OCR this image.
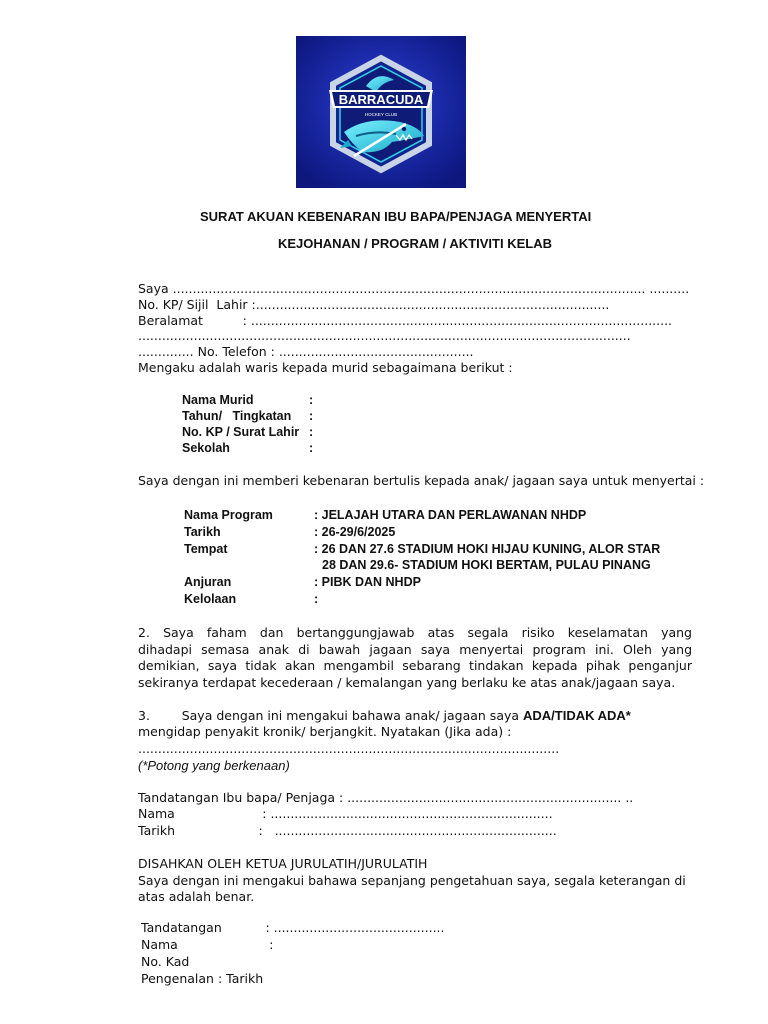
BARRACUDA
HOCKEY CLUB
SURAT AKUAN KEBENARAN IBU BAPA/PENJAGA MENYERTAI
KEJOHANAN / PROGRAM / AKTIVITI KELAB
Saya ....................................................................................................................... ..........
No. KP/ Sijil  Lahir :.........................................................................................
Beralamat          : ..........................................................................................................
............................................................................................................................
.............. No. Telefon : .................................................
Mengaku adalah waris kepada murid sebagaimana berikut :
Nama Murid	:
Tahun/   Tingkatan :
No. KP / Surat Lahir :
Sekolah	:
Saya dengan ini memberi kebenaran bertulis kepada anak/ jagaan saya untuk menyertai :
Nama Program	: JELAJAH UTARA DAN PERLAWANAN NHDP
Tarikh	: 26-29/6/2025
Tempat	: 26 DAN 27.6 STADIUM HOKI HIJAU KUNING, ALOR STAR
28 DAN 29.6- STADIUM HOKI BERTAM, PULAU PINANG
Anjuran	: PIBK DAN NHDP
Kelolaan	:
2. Saya faham dan bertanggungjawab atas segala risiko keselamatan yang
dihadapi semasa anak di bawah jagaan saya menyertai program ini. Oleh yang
demikian, saya tidak akan mengambil sebarang tindakan kepada pihak penganjur
sekiranya terdapat kecederaan / kemalangan yang berlaku ke atas anak/jagaan saya.
3.        Saya dengan ini mengakui bahawa anak/ jagaan saya ADA/TIDAK ADA*
mengidap penyakit kronik/ berjangkit. Nyatakan (Jika ada) :
..........................................................................................................
(*Potong yang berkenaan)
Tandatangan Ibu bapa/ Penjaga : ..................................................................... ..
Nama                      : .......................................................................
Tarikh                     :   .......................................................................
DISAHKAN OLEH KETUA JURULATIH/JURULATIH
Saya dengan ini mengakui bahawa sepanjang pengetahuan saya, segala keterangan di
atas adalah benar.
Tandatangan           : ...........................................
Nama                       :
No. Kad
Pengenalan : Tarikh
